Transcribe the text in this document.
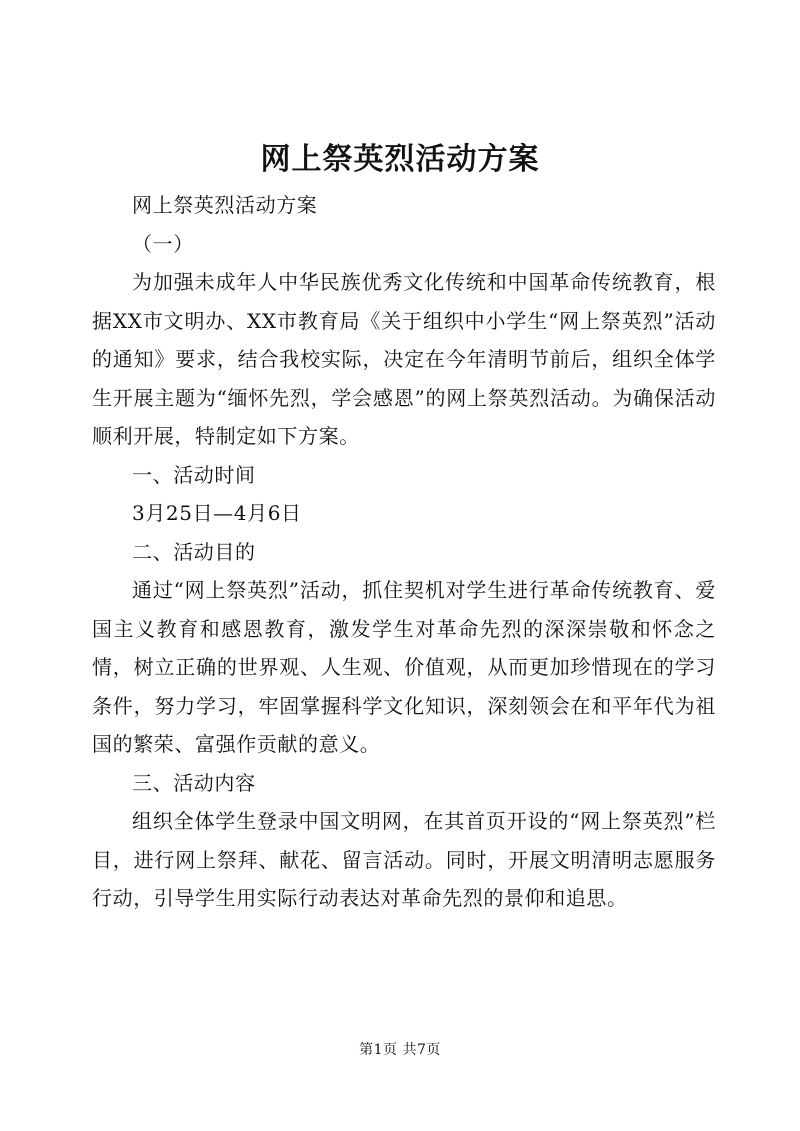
网上祭英烈活动方案

网上祭英烈活动方案

（一）

为加强未成年人中华民族优秀文化传统和中国革命传统教育，根据XX市文明办、XX市教育局《关于组织中小学生“网上祭英烈”活动的通知》要求，结合我校实际，决定在今年清明节前后，组织全体学生开展主题为“缅怀先烈，学会感恩”的网上祭英烈活动。为确保活动顺利开展，特制定如下方案。

一、活动时间

3月25日—4月6日

二、活动目的

通过“网上祭英烈”活动，抓住契机对学生进行革命传统教育、爱国主义教育和感恩教育，激发学生对革命先烈的深深崇敬和怀念之情，树立正确的世界观、人生观、价值观，从而更加珍惜现在的学习条件，努力学习，牢固掌握科学文化知识，深刻领会在和平年代为祖国的繁荣、富强作贡献的意义。

三、活动内容

组织全体学生登录中国文明网，在其首页开设的“网上祭英烈”栏目，进行网上祭拜、献花、留言活动。同时，开展文明清明志愿服务行动，引导学生用实际行动表达对革命先烈的景仰和追思。

第1页 共7页
